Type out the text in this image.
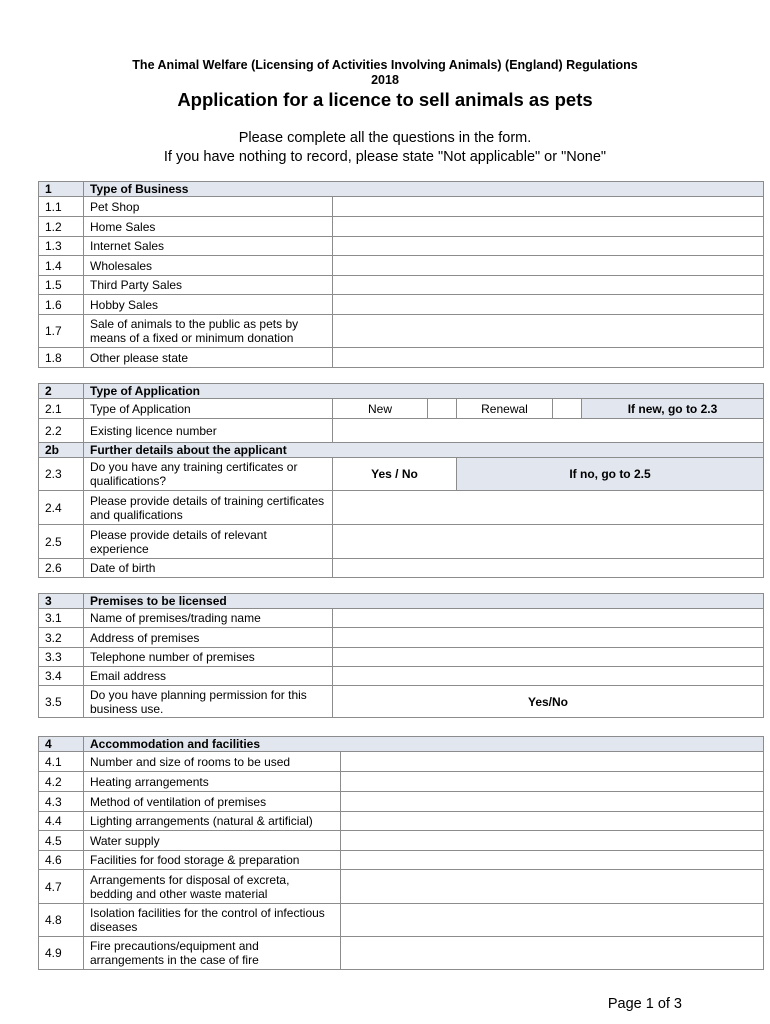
The Animal Welfare (Licensing of Activities Involving Animals) (England) Regulations
2018
Application for a licence to sell animals as pets
Please complete all the questions in the form.
If you have nothing to record, please state "Not applicable" or "None"
1	Type of Business	
1.1	Pet Shop	
1.2	Home Sales	
1.3	Internet Sales	
1.4	Wholesales	
1.5	Third Party Sales	
1.6	Hobby Sales	
1.7	Sale of animals to the public as pets by means of a fixed or minimum donation	
1.8	Other please state	
2	Type of Application					
2.1	Type of Application	New		Renewal		If new, go to 2.3
2.2	Existing licence number					
2b	Further details about the applicant					
2.3	Do you have any training certificates or qualifications?	Yes / No		If no, go to 2.5		
2.4	Please provide details of training certificates and qualifications					
2.5	Please provide details of relevant experience					
2.6	Date of birth					
3	Premises to be licensed	
3.1	Name of premises/trading name	
3.2	Address of premises	
3.3	Telephone number of premises	
3.4	Email address	
3.5	Do you have planning permission for this business use.	Yes/No
4	Accommodation and facilities	
4.1	Number and size of rooms to be used	
4.2	Heating arrangements	
4.3	Method of ventilation of premises	
4.4	Lighting arrangements (natural & artificial)	
4.5	Water supply	
4.6	Facilities for food storage & preparation	
4.7	Arrangements for disposal of excreta, bedding and other waste material	
4.8	Isolation facilities for the control of infectious diseases	
4.9	Fire precautions/equipment and arrangements in the case of fire	
Page 1 of 3
